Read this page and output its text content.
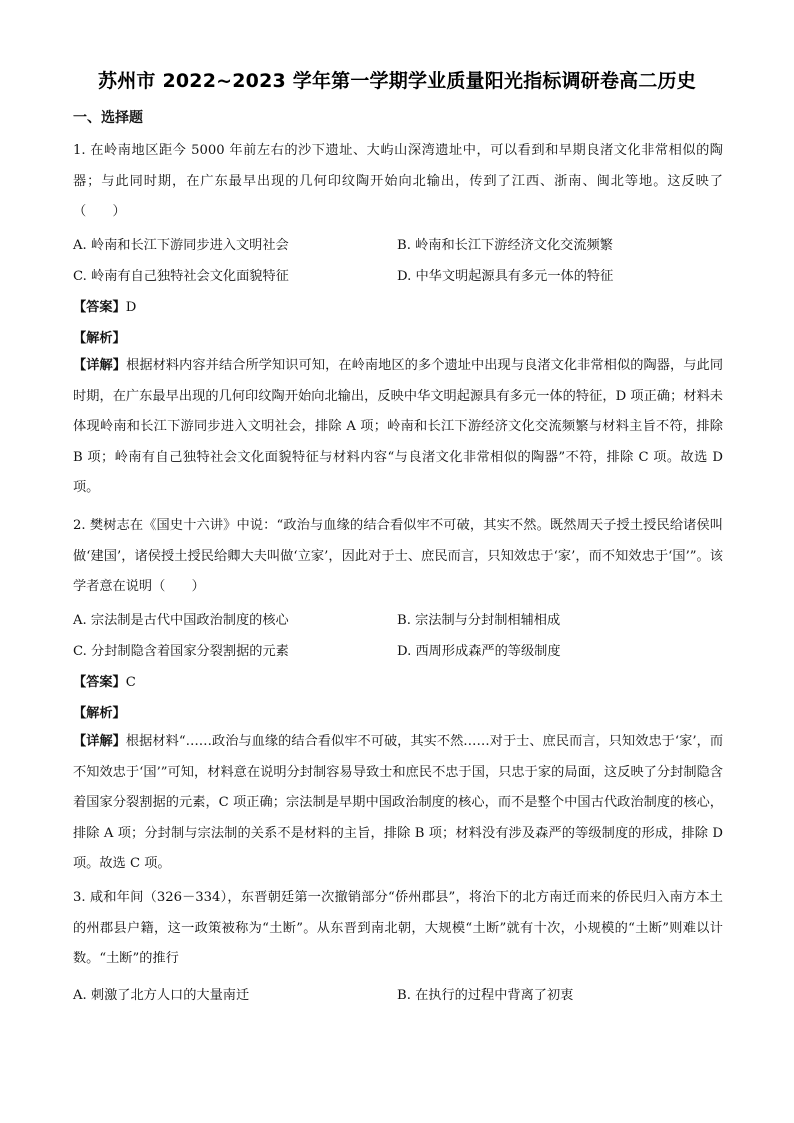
苏州市 2022~2023 学年第一学期学业质量阳光指标调研卷高二历史
一、选择题
1. 在岭南地区距今 5000 年前左右的沙下遗址、大屿山深湾遗址中，可以看到和早期良渚文化非常相似的陶器；与此同时期，在广东最早出现的几何印纹陶开始向北输出，传到了江西、浙南、闽北等地。这反映了（　　）
A. 岭南和长江下游同步进入文明社会	B. 岭南和长江下游经济文化交流频繁
C. 岭南有自己独特社会文化面貌特征	D. 中华文明起源具有多元一体的特征
【答案】D
【解析】
【详解】根据材料内容并结合所学知识可知，在岭南地区的多个遗址中出现与良渚文化非常相似的陶器，与此同时期，在广东最早出现的几何印纹陶开始向北输出，反映中华文明起源具有多元一体的特征，D 项正确；材料未体现岭南和长江下游同步进入文明社会，排除 A 项；岭南和长江下游经济文化交流频繁与材料主旨不符，排除 B 项；岭南有自己独特社会文化面貌特征与材料内容“与良渚文化非常相似的陶器”不符，排除 C 项。故选 D 项。
2. 樊树志在《国史十六讲》中说：“政治与血缘的结合看似牢不可破，其实不然。既然周天子授土授民给诸侯叫做‘建国’，诸侯授土授民给卿大夫叫做‘立家’，因此对于士、庶民而言，只知效忠于‘家’，而不知效忠于‘国’”。该学者意在说明（　　）
A. 宗法制是古代中国政治制度的核心	B. 宗法制与分封制相辅相成
C. 分封制隐含着国家分裂割据的元素	D. 西周形成森严的等级制度
【答案】C
【解析】
【详解】根据材料“……政治与血缘的结合看似牢不可破，其实不然……对于士、庶民而言，只知效忠于‘家’，而不知效忠于‘国’”可知，材料意在说明分封制容易导致士和庶民不忠于国，只忠于家的局面，这反映了分封制隐含着国家分裂割据的元素，C 项正确；宗法制是早期中国政治制度的核心，而不是整个中国古代政治制度的核心，排除 A 项；分封制与宗法制的关系不是材料的主旨，排除 B 项；材料没有涉及森严的等级制度的形成，排除 D 项。故选 C 项。
3. 咸和年间（326－334），东晋朝廷第一次撤销部分“侨州郡县”，将治下的北方南迁而来的侨民归入南方本土的州郡县户籍，这一政策被称为“土断”。从东晋到南北朝，大规模“土断”就有十次，小规模的“土断”则难以计数。“土断”的推行
A. 刺激了北方人口的大量南迁	B. 在执行的过程中背离了初衷
